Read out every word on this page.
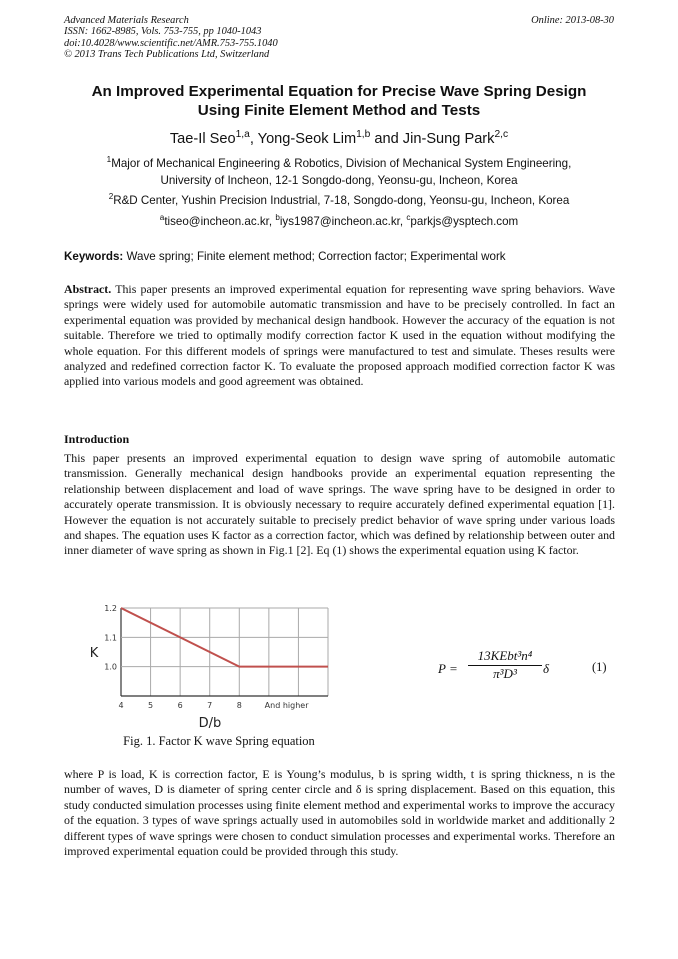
Advanced Materials Research
ISSN: 1662-8985, Vols. 753-755, pp 1040-1043
doi:10.4028/www.scientific.net/AMR.753-755.1040
© 2013 Trans Tech Publications Ltd, Switzerland
Online: 2013-08-30
An Improved Experimental Equation for Precise Wave Spring Design
Using Finite Element Method and Tests
Tae-Il Seo$^{1,a}$, Yong-Seok Lim$^{1,b}$ and Jin-Sung Park$^{2,c}$
$^1$Major of Mechanical Engineering & Robotics, Division of Mechanical System Engineering,
University of Incheon, 12-1 Songdo-dong, Yeonsu-gu, Incheon, Korea
$^2$R&D Center, Yushin Precision Industrial, 7-18, Songdo-dong, Yeonsu-gu, Incheon, Korea
$^a$tiseo@incheon.ac.kr, $^b$iys1987@incheon.ac.kr, $^c$parkjs@ysptech.com
Keywords: Wave spring; Finite element method; Correction factor; Experimental work
Abstract. This paper presents an improved experimental equation for representing wave spring behaviors. Wave springs were widely used for automobile automatic transmission and have to be precisely controlled. In fact an experimental equation was provided by mechanical design handbook. However the accuracy of the equation is not suitable. Therefore we tried to optimally modify correction factor K used in the equation without modifying the whole equation. For this different models of springs were manufactured to test and simulate. Theses results were analyzed and redefined correction factor K. To evaluate the proposed approach modified correction factor K was applied into various models and good agreement was obtained.
Introduction
This paper presents an improved experimental equation to design wave spring of automobile automatic transmission. Generally mechanical design handbooks provide an experimental equation representing the relationship between displacement and load of wave springs. The wave spring have to be designed in order to accurately operate transmission. It is obviously necessary to require accurately defined experimental equation [1]. However the equation is not accurately suitable to precisely predict behavior of wave spring under various loads and shapes. The equation uses K factor as a correction factor, which was defined by relationship between outer and inner diameter of wave spring as shown in Fig.1 [2]. Eq (1) shows the experimental equation using K factor.
1.2
1.1
1.0
4	5	6	7	8	And higher
K
D/b
Fig. 1. Factor K wave Spring equation
P =
13KEbt³n⁴
π³D³	δ	(1)
where P is load, K is correction factor, E is Young’s modulus, b is spring width, t is spring thickness, n is the number of waves, D is diameter of spring center circle and δ is spring displacement. Based on this equation, this study conducted simulation processes using finite element method and experimental works to improve the accuracy of the equation. 3 types of wave springs actually used in automobiles sold in worldwide market and additionally 2 different types of wave springs were chosen to conduct simulation processes and experimental works. Therefore an improved experimental equation could be provided through this study.
